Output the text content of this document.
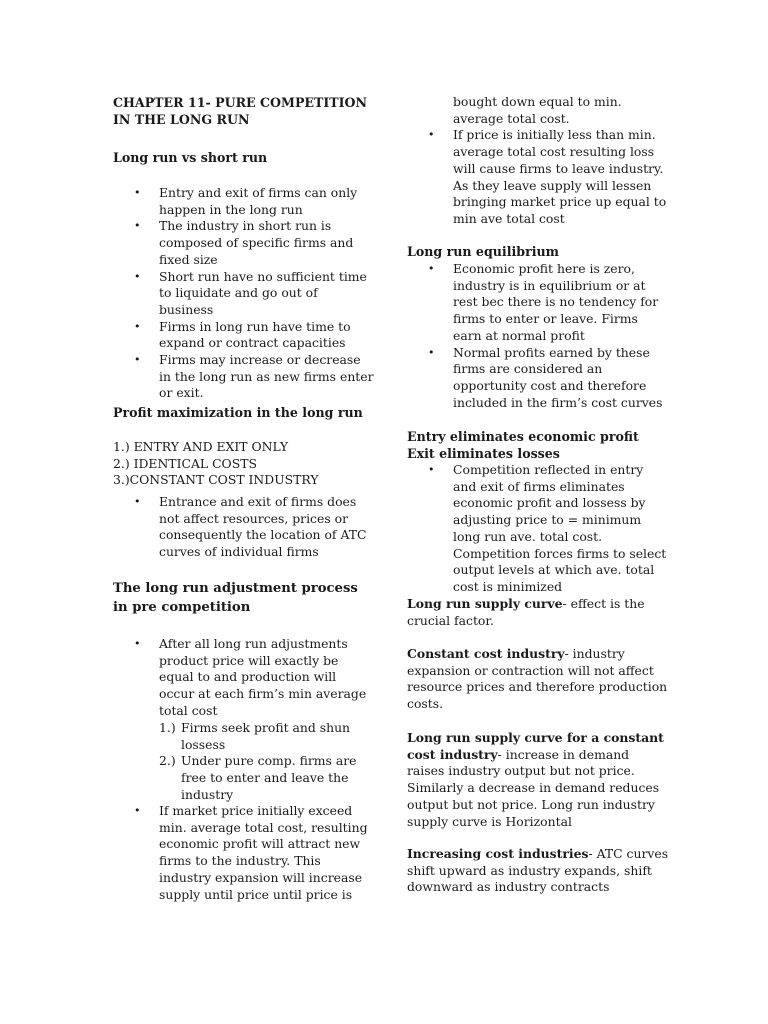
CHAPTER 11- PURE COMPETITION IN THE LONG RUN
Long run vs short run
• Entry and exit of firms can only happen in the long run
• The industry in short run is composed of specific firms and fixed size
• Short run have no sufficient time to liquidate and go out of business
• Firms in long run have time to expand or contract capacities
• Firms may increase or decrease in the long run as new firms enter or exit.
Profit maximization in the long run
1.) ENTRY AND EXIT ONLY
2.) IDENTICAL COSTS
3.)CONSTANT COST INDUSTRY
• Entrance and exit of firms does not affect resources, prices or consequently the location of ATC curves of individual firms
The long run adjustment process in pre competition
• After all long run adjustments product price will exactly be equal to and production will occur at each firm’s min average total cost
1.) Firms seek profit and shun lossess
2.) Under pure comp. firms are free to enter and leave the industry
• If market price initially exceed min. average total cost, resulting economic profit will attract new firms to the industry. This industry expansion will increase supply until price until price is
bought down equal to min. average total cost.
• If price is initially less than min. average total cost resulting loss will cause firms to leave industry. As they leave supply will lessen bringing market price up equal to min ave total cost
Long run equilibrium
• Economic profit here is zero, industry is in equilibrium or at rest bec there is no tendency for firms to enter or leave. Firms earn at normal profit
• Normal profits earned by these firms are considered an opportunity cost and therefore included in the firm’s cost curves
Entry eliminates economic profit
Exit eliminates losses
• Competition reflected in entry and exit of firms eliminates economic profit and lossess by adjusting price to = minimum long run ave. total cost. Competition forces firms to select output levels at which ave. total cost is minimized
Long run supply curve- effect is the crucial factor.
Constant cost industry- industry expansion or contraction will not affect resource prices and therefore production costs.
Long run supply curve for a constant cost industry- increase in demand raises industry output but not price. Similarly a decrease in demand reduces output but not price. Long run industry supply curve is Horizontal
Increasing cost industries- ATC curves shift upward as industry expands, shift downward as industry contracts
